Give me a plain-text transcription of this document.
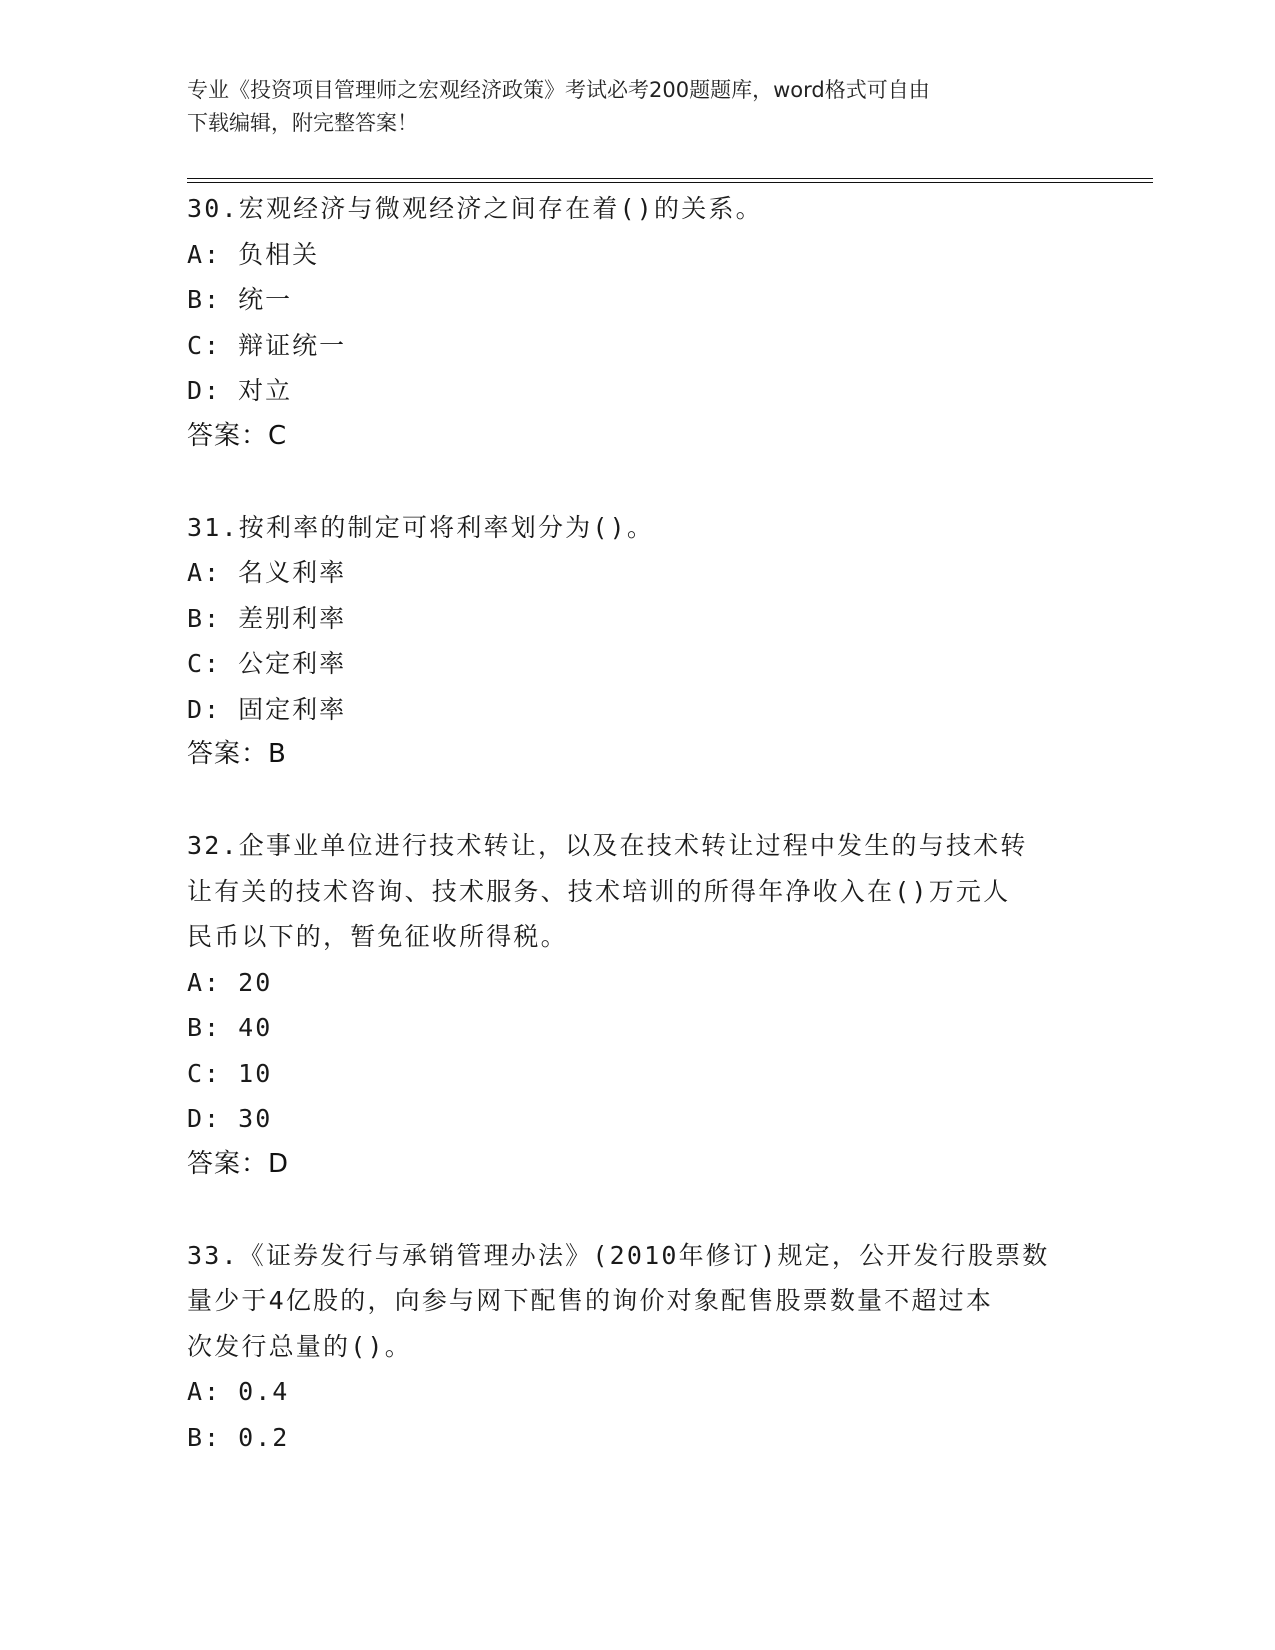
专业《投资项目管理师之宏观经济政策》考试必考200题题库，word格式可自由
下载编辑，附完整答案！
30.宏观经济与微观经济之间存在着()的关系。
A: 负相关
B: 统一
C: 辩证统一
D: 对立
答案：C
31.按利率的制定可将利率划分为()。
A: 名义利率
B: 差别利率
C: 公定利率
D: 固定利率
答案：B
32.企事业单位进行技术转让，以及在技术转让过程中发生的与技术转
让有关的技术咨询、技术服务、技术培训的所得年净收入在()万元人
民币以下的，暂免征收所得税。
A: 20
B: 40
C: 10
D: 30
答案：D
33.《证券发行与承销管理办法》(2010年修订)规定，公开发行股票数
量少于4亿股的，向参与网下配售的询价对象配售股票数量不超过本
次发行总量的()。
A: 0.4
B: 0.2
